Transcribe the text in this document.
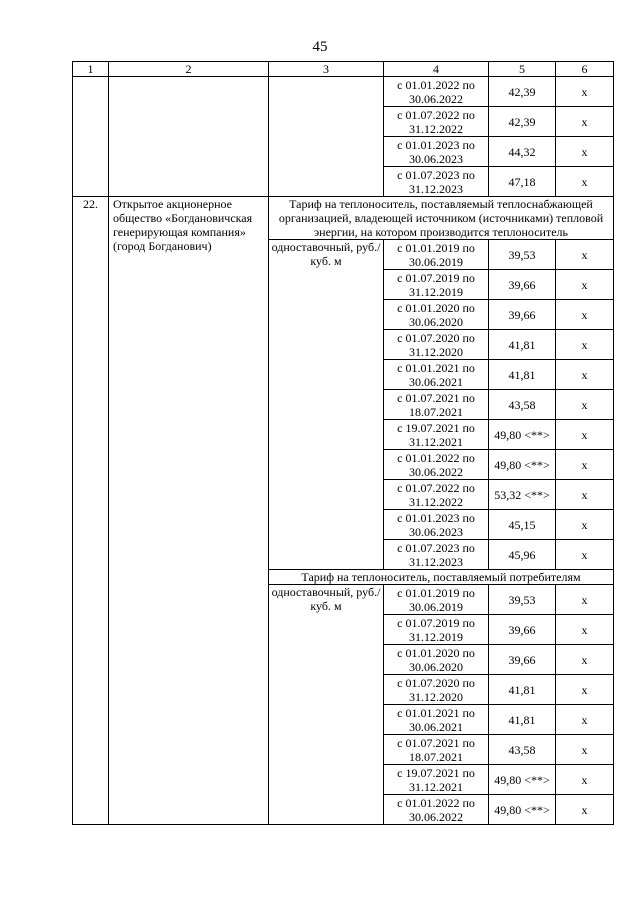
45
1	2	3	4	5	6
			с 01.01.2022 по 30.06.2022	42,39	х
			с 01.07.2022 по 31.12.2022	42,39	х
			с 01.01.2023 по 30.06.2023	44,32	х
			с 01.07.2023 по 31.12.2023	47,18	х
22.	Открытое акционерное общество «Богдановичская генерирующая компания» (город Богданович)	Тариф на теплоноситель, поставляемый теплоснабжающей организацией, владеющей источником (источниками) тепловой энергии, на котором производится теплоноситель			
		одноставочный, руб./куб. м	с 01.01.2019 по 30.06.2019	39,53	х
			с 01.07.2019 по 31.12.2019	39,66	х
			с 01.01.2020 по 30.06.2020	39,66	х
			с 01.07.2020 по 31.12.2020	41,81	х
			с 01.01.2021 по 30.06.2021	41,81	х
			с 01.07.2021 по 18.07.2021	43,58	х
			с 19.07.2021 по 31.12.2021	49,80 <**>	х
			с 01.01.2022 по 30.06.2022	49,80 <**>	х
			с 01.07.2022 по 31.12.2022	53,32 <**>	х
			с 01.01.2023 по 30.06.2023	45,15	х
			с 01.07.2023 по 31.12.2023	45,96	х
		Тариф на теплоноситель, поставляемый потребителям			
		одноставочный, руб./куб. м	с 01.01.2019 по 30.06.2019	39,53	х
			с 01.07.2019 по 31.12.2019	39,66	х
			с 01.01.2020 по 30.06.2020	39,66	х
			с 01.07.2020 по 31.12.2020	41,81	х
			с 01.01.2021 по 30.06.2021	41,81	х
			с 01.07.2021 по 18.07.2021	43,58	х
			с 19.07.2021 по 31.12.2021	49,80 <**>	х
			с 01.01.2022 по 30.06.2022	49,80 <**>	х
